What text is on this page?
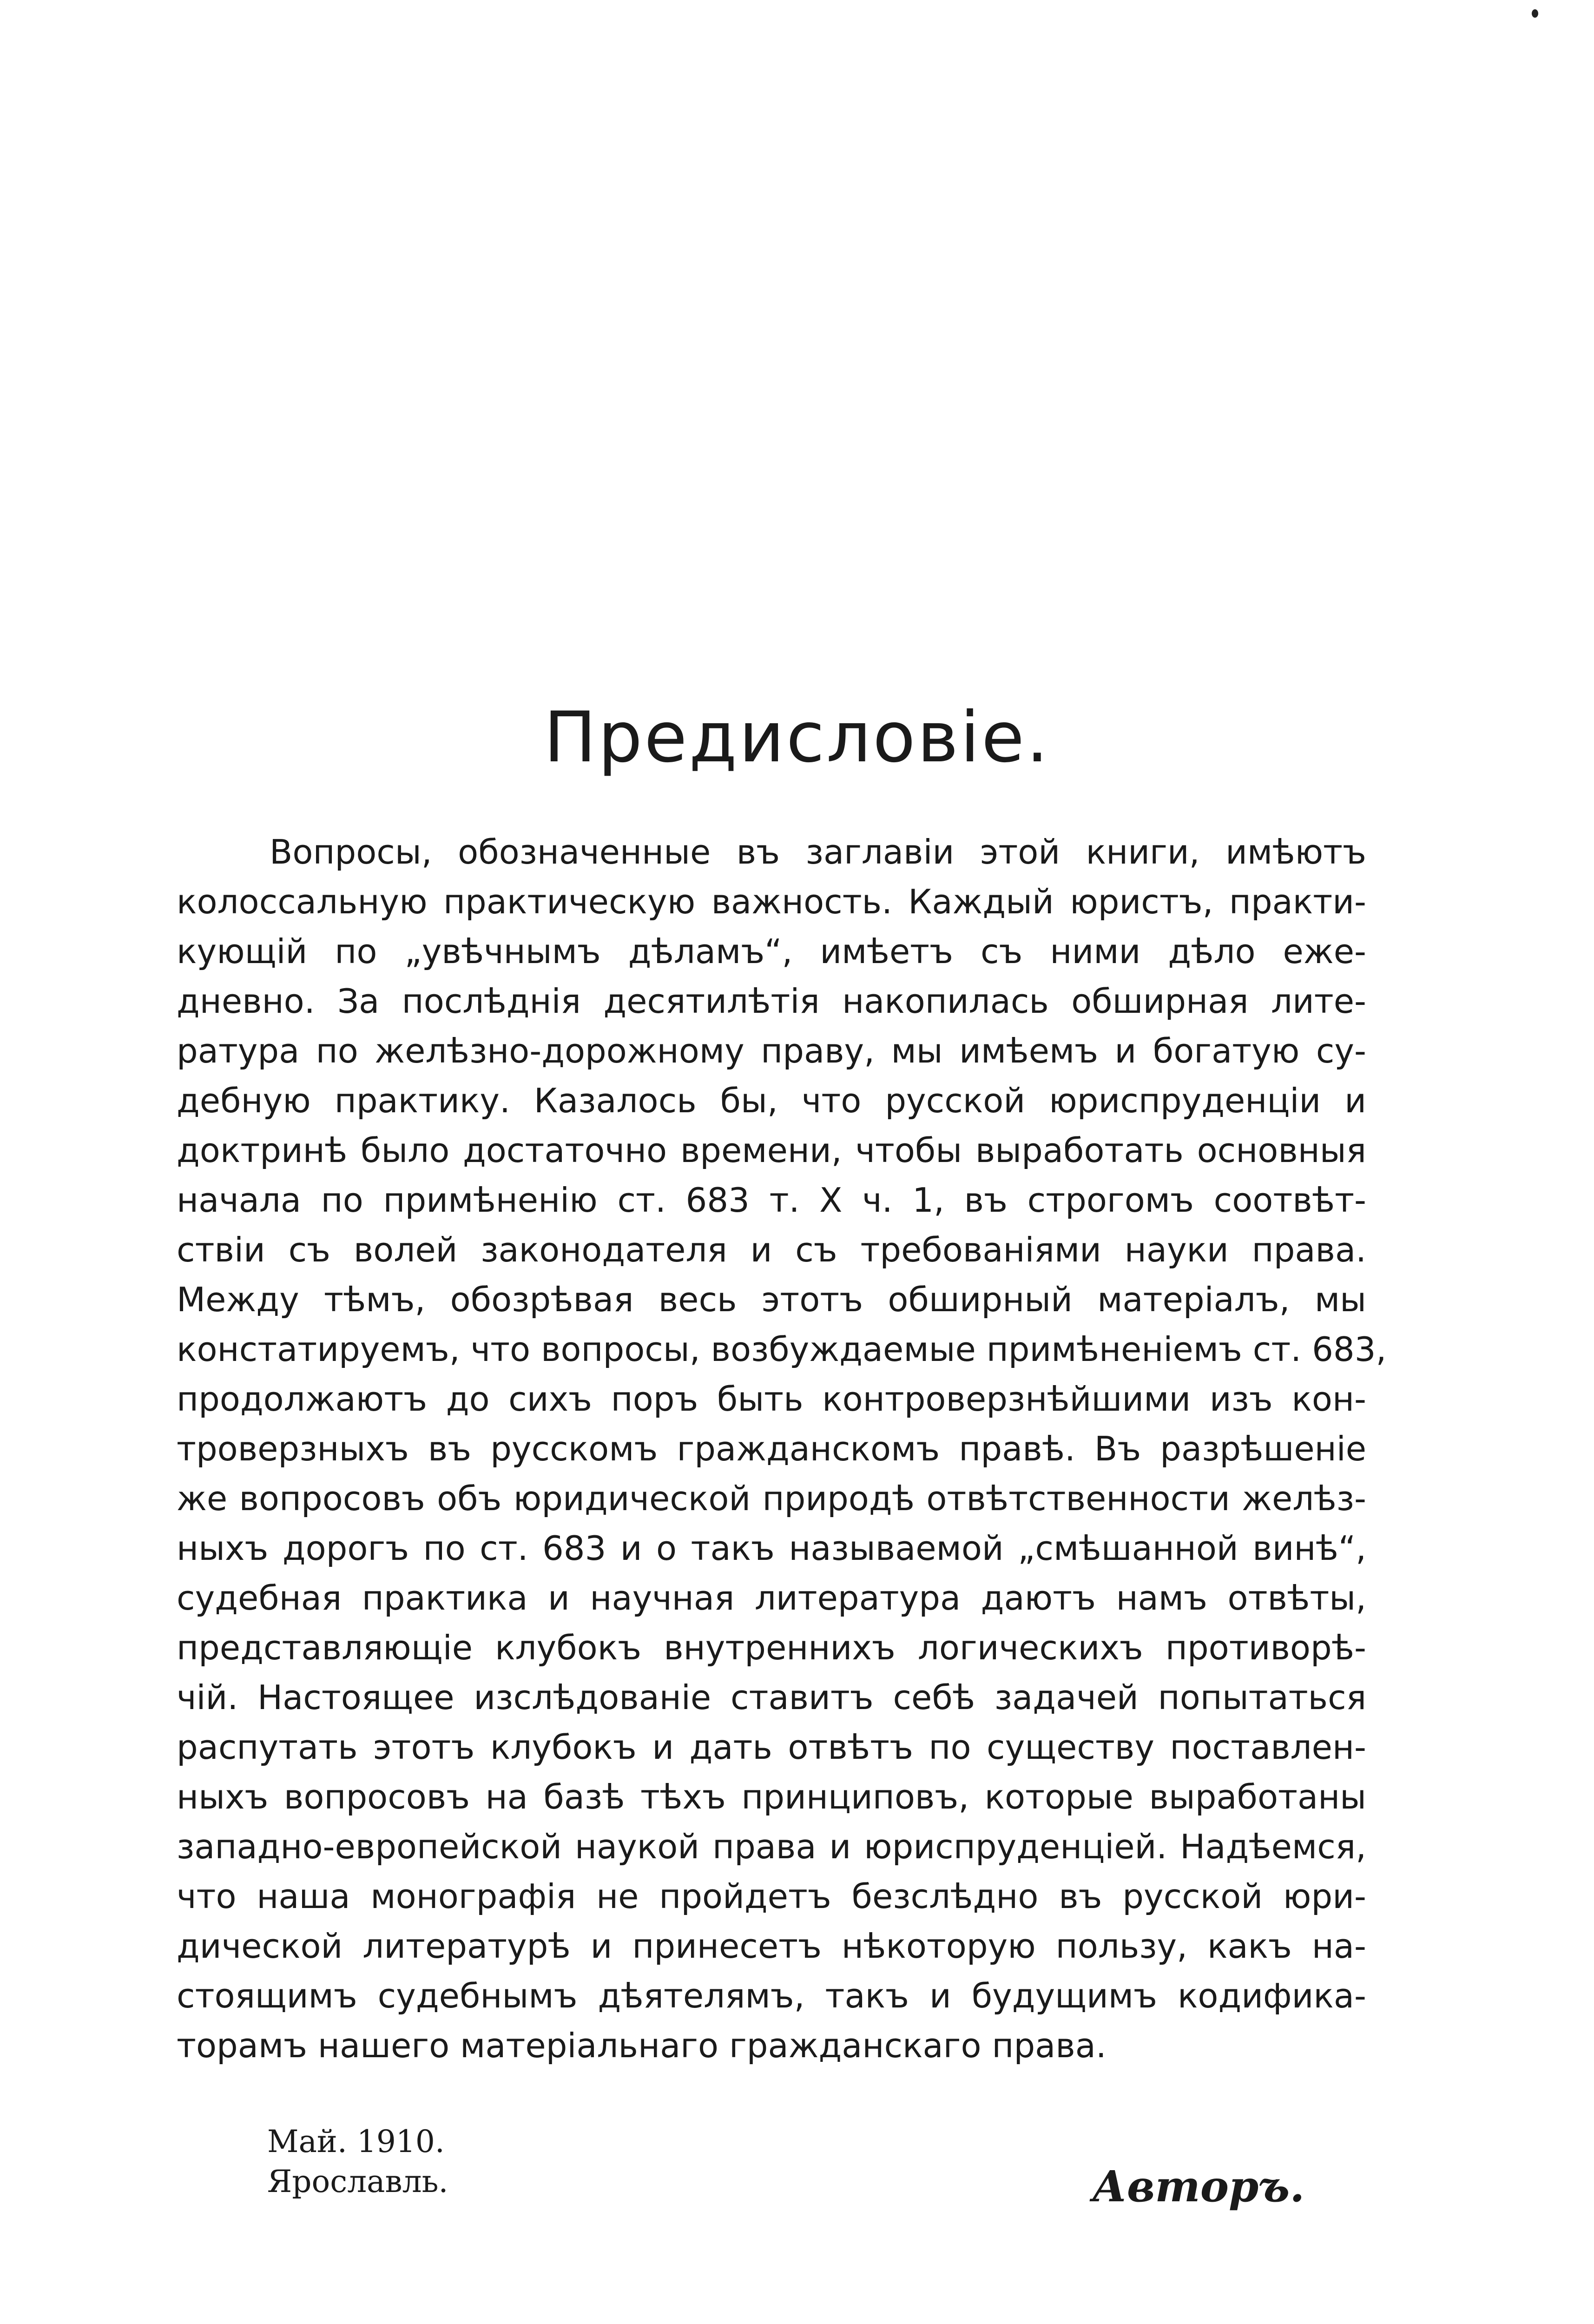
Предисловіе.
Вопросы, обозначенные въ заглавіи этой книги, имѣютъ
колоссальную практическую важность. Каждый юристъ, практи-
кующій по „увѣчнымъ дѣламъ“, имѣетъ съ ними дѣло еже-
дневно. За послѣднія десятилѣтія накопилась обширная лите-
ратура по желѣзно-дорожному праву, мы имѣемъ и богатую су-
дебную практику. Казалось бы, что русской юриспруденціи и
доктринѣ было достаточно времени, чтобы выработать основныя
начала по примѣненію ст. 683 т. X ч. 1, въ строгомъ соотвѣт-
ствіи съ волей законодателя и съ требованіями науки права.
Между тѣмъ, обозрѣвая весь этотъ обширный матеріалъ, мы
констатируемъ, что вопросы, возбуждаемые примѣненіемъ ст. 683,
продолжаютъ до сихъ поръ быть контроверзнѣйшими изъ кон-
троверзныхъ въ русскомъ гражданскомъ правѣ. Въ разрѣшеніе
же вопросовъ объ юридической природѣ отвѣтственности желѣз-
ныхъ дорогъ по ст. 683 и о такъ называемой „смѣшанной винѣ“,
судебная практика и научная литература даютъ намъ отвѣты,
представляющіе клубокъ внутреннихъ логическихъ противорѣ-
чій. Настоящее изслѣдованіе ставитъ себѣ задачей попытаться
распутать этотъ клубокъ и дать отвѣтъ по существу поставлен-
ныхъ вопросовъ на базѣ тѣхъ принциповъ, которые выработаны
западно-европейской наукой права и юриспруденціей. Надѣемся,
что наша монографія не пройдетъ безслѣдно въ русской юри-
дической литературѣ и принесетъ нѣкоторую пользу, какъ на-
стоящимъ судебнымъ дѣятелямъ, такъ и будущимъ кодифика-
торамъ нашего матеріальнаго гражданскаго права.
Май. 1910.
Ярославль.	Авторъ.
